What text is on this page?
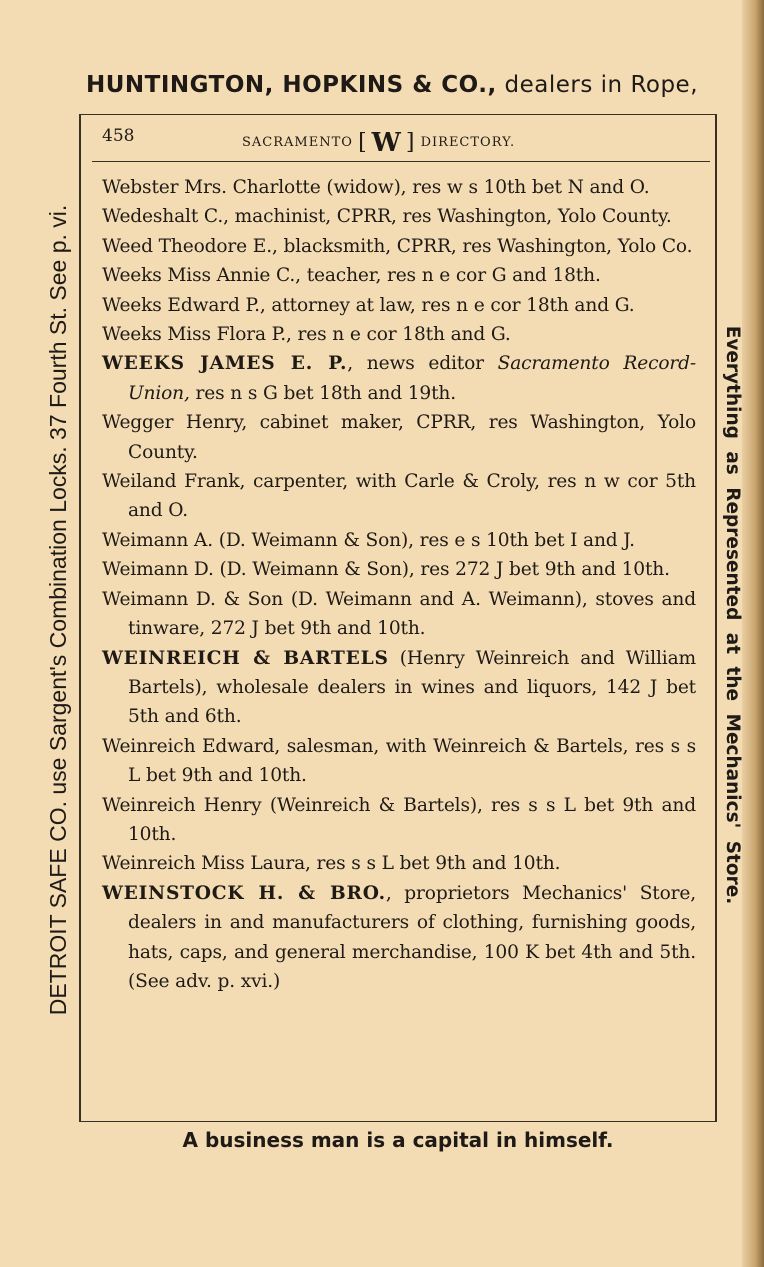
HUNTINGTON, HOPKINS & CO., dealers in Rope,
DETROIT SAFE CO. use Sargent's Combination Locks. 37 Fourth St. See p. vi.	Everything as Represented at the Mechanics' Store.
458	SACRAMENTO [ W ] DIRECTORY.
Webster Mrs. Charlotte (widow), res w s 10th bet N and O.
Wedeshalt C., machinist, CPRR, res Washington, Yolo County.
Weed Theodore E., blacksmith, CPRR, res Washington, Yolo Co.
Weeks Miss Annie C., teacher, res n e cor G and 18th.
Weeks Edward P., attorney at law, res n e cor 18th and G.
Weeks Miss Flora P., res n e cor 18th and G.
WEEKS JAMES E. P., news editor Sacramento Record-Union, res n s G bet 18th and 19th.
Wegger Henry, cabinet maker, CPRR, res Washington, Yolo County.
Weiland Frank, carpenter, with Carle & Croly, res n w cor 5th and O.
Weimann A. (D. Weimann & Son), res e s 10th bet I and J.
Weimann D. (D. Weimann & Son), res 272 J bet 9th and 10th.
Weimann D. & Son (D. Weimann and A. Weimann), stoves and tinware, 272 J bet 9th and 10th.
WEINREICH & BARTELS (Henry Weinreich and William Bartels), wholesale dealers in wines and liquors, 142 J bet 5th and 6th.
Weinreich Edward, salesman, with Weinreich & Bartels, res s s L bet 9th and 10th.
Weinreich Henry (Weinreich & Bartels), res s s L bet 9th and 10th.
Weinreich Miss Laura, res s s L bet 9th and 10th.
WEINSTOCK H. & BRO., proprietors Mechanics' Store, dealers in and manufacturers of clothing, furnishing goods, hats, caps, and general merchandise, 100 K bet 4th and 5th. (See adv. p. xvi.)
A business man is a capital in himself.
